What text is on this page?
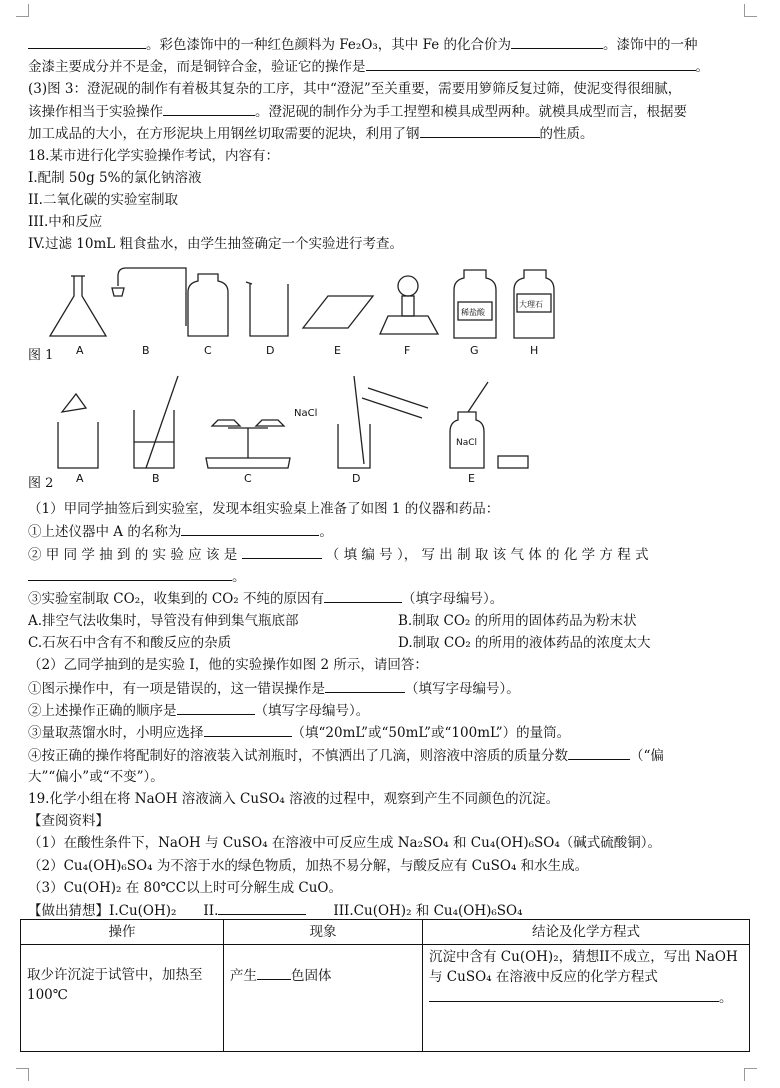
。彩色漆饰中的一种红色颜料为 Fe₂O₃，其中 Fe 的化合价为	。漆饰中的一种
金漆主要成分并不是金，而是铜锌合金，验证它的操作是	。
(3)图 3：澄泥砚的制作有着极其复杂的工序，其中“澄泥”至关重要，需要用箩筛反复过筛，使泥变得很细腻，
该操作相当于实验操作	。澄泥砚的制作分为手工捏塑和模具成型两种。就模具成型而言，根据要
加工成品的大小，在方形泥块上用钢丝切取需要的泥块，利用了钢	的性质。
18.某市进行化学实验操作考试，内容有：
I.配制 50g 5%的氯化钠溶液
II.二氧化碳的实验室制取
III.中和反应
IV.过滤 10mL 粗食盐水，由学生抽签确定一个实验进行考查。
稀盐酸
大理石
A	B	C	D	E	F	G	H
图 1
NaCl
NaCl
A	B	C	D	E
图 2
（1）甲同学抽签后到实验室，发现本组实验桌上准备了如图 1 的仪器和药品：
①上述仪器中 A 的名称为	。
② 甲 同 学 抽 到 的 实 验 应 该 是	（ 填 编 号 ）， 写 出 制 取 该 气 体 的 化 学 方 程 式
。
③实验室制取 CO₂，收集到的 CO₂ 不纯的原因有	（填字母编号）。
A.排空气法收集时，导管没有伸到集气瓶底部	B.制取 CO₂ 的所用的固体药品为粉末状
C.石灰石中含有不和酸反应的杂质	D.制取 CO₂ 的所用的液体药品的浓度太大
（2）乙同学抽到的是实验 I，他的实验操作如图 2 所示，请回答：
①图示操作中，有一项是错误的，这一错误操作是	（填写字母编号）。
②上述操作正确的顺序是	（填写字母编号）。
③量取蒸馏水时，小明应选择	（填“20mL”或“50mL”或“100mL”）的量筒。
④按正确的操作将配制好的溶液装入试剂瓶时，不慎洒出了几滴，则溶液中溶质的质量分数	（“偏
大”“偏小”或“不变”）。
19.化学小组在将 NaOH 溶液滴入 CuSO₄ 溶液的过程中，观察到产生不同颜色的沉淀。
【查阅资料】
（1）在酸性条件下，NaOH 与 CuSO₄ 在溶液中可反应生成 Na₂SO₄ 和 Cu₄(OH)₆SO₄（碱式硫酸铜）。
（2）Cu₄(OH)₆SO₄ 为不溶于水的绿色物质，加热不易分解，与酸反应有 CuSO₄ 和水生成。
（3）Cu(OH)₂ 在 80℃C以上时可分解生成 CuO。
【做出猜想】I.Cu(OH)₂　　II.	　　III.Cu(OH)₂ 和 Cu₄(OH)₆SO₄
操作	现象	结论及化学方程式
取少许沉淀于试管中，加热至 100℃	产生 色固体	沉淀中含有 Cu(OH)₂，猜想II不成立，写出 NaOH
与 CuSO₄ 在溶液中反应的化学方程式
。
